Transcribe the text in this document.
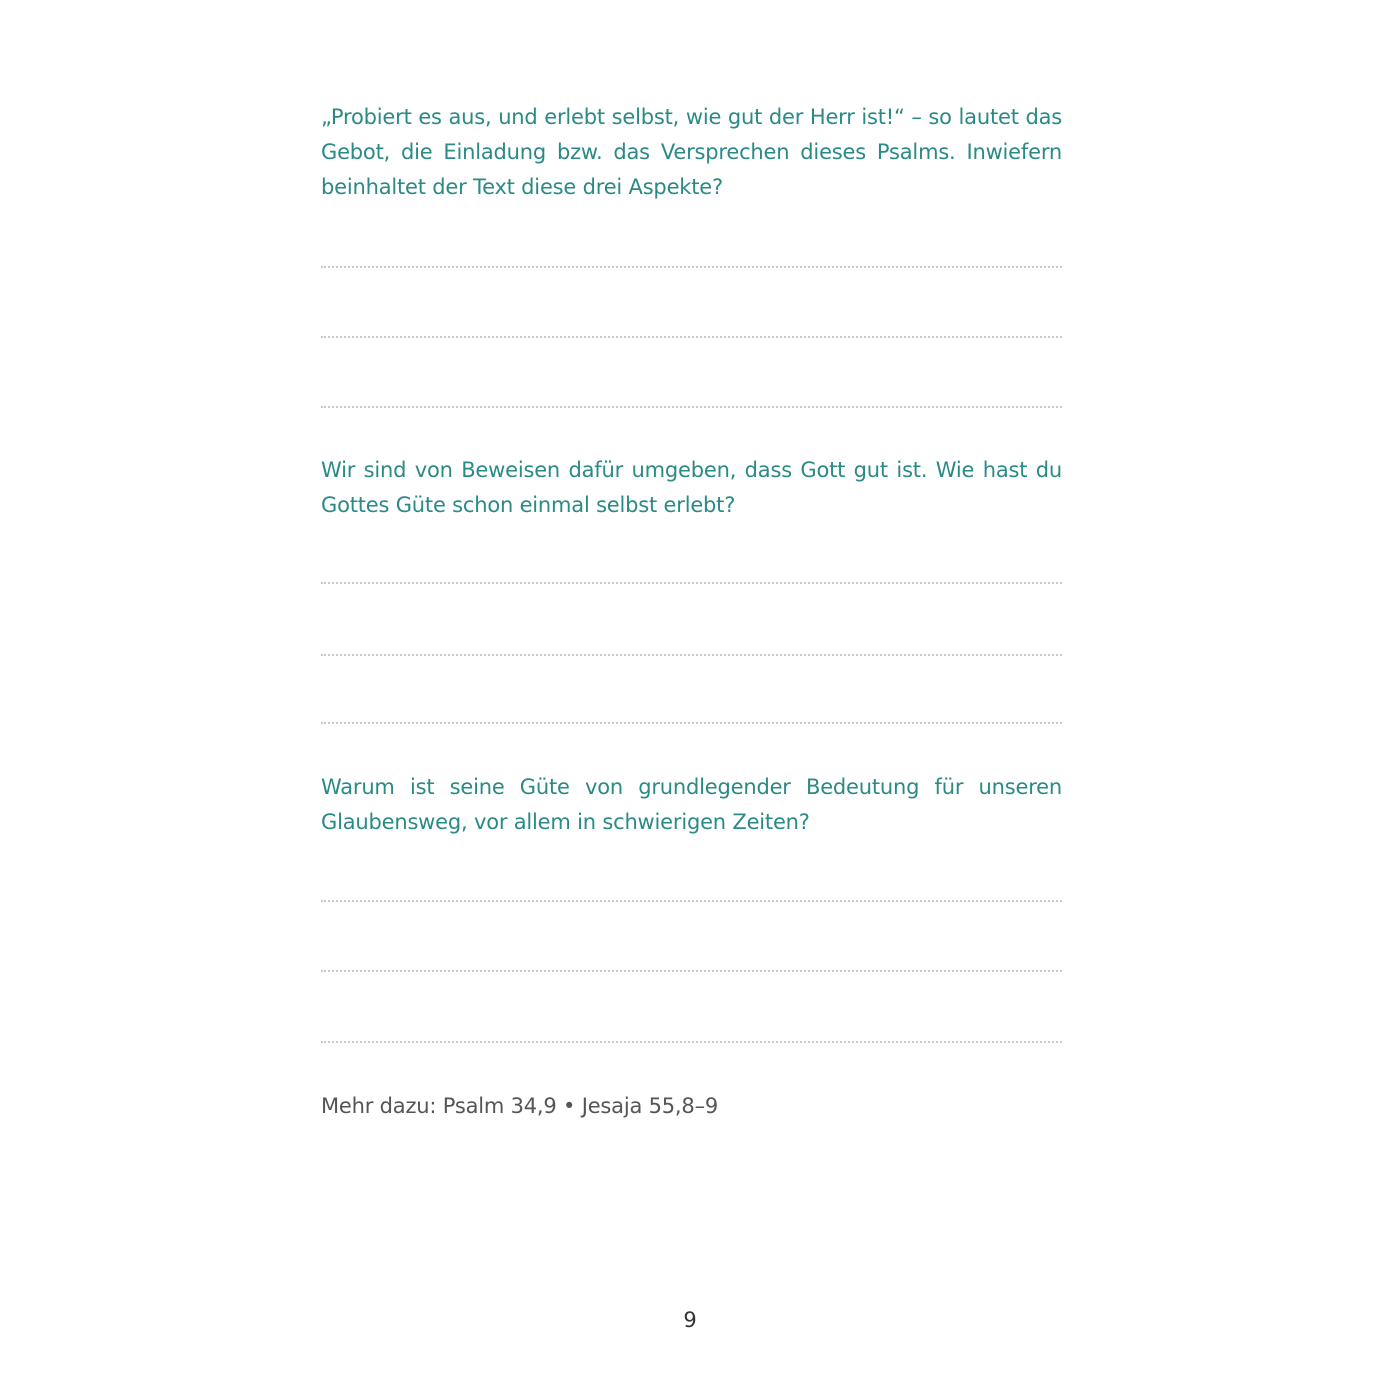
„Probiert es aus, und erlebt selbst, wie gut der Herr ist!“ – so lautet das Gebot, die Einladung bzw. das Versprechen dieses Psalms. Inwiefern beinhaltet der Text diese drei Aspekte?

Wir sind von Beweisen dafür umgeben, dass Gott gut ist. Wie hast du Gottes Güte schon einmal selbst erlebt?

Warum ist seine Güte von grundlegender Bedeutung für unseren Glaubensweg, vor allem in schwierigen Zeiten?

Mehr dazu: Psalm 34,9 • Jesaja 55,8–9

9
